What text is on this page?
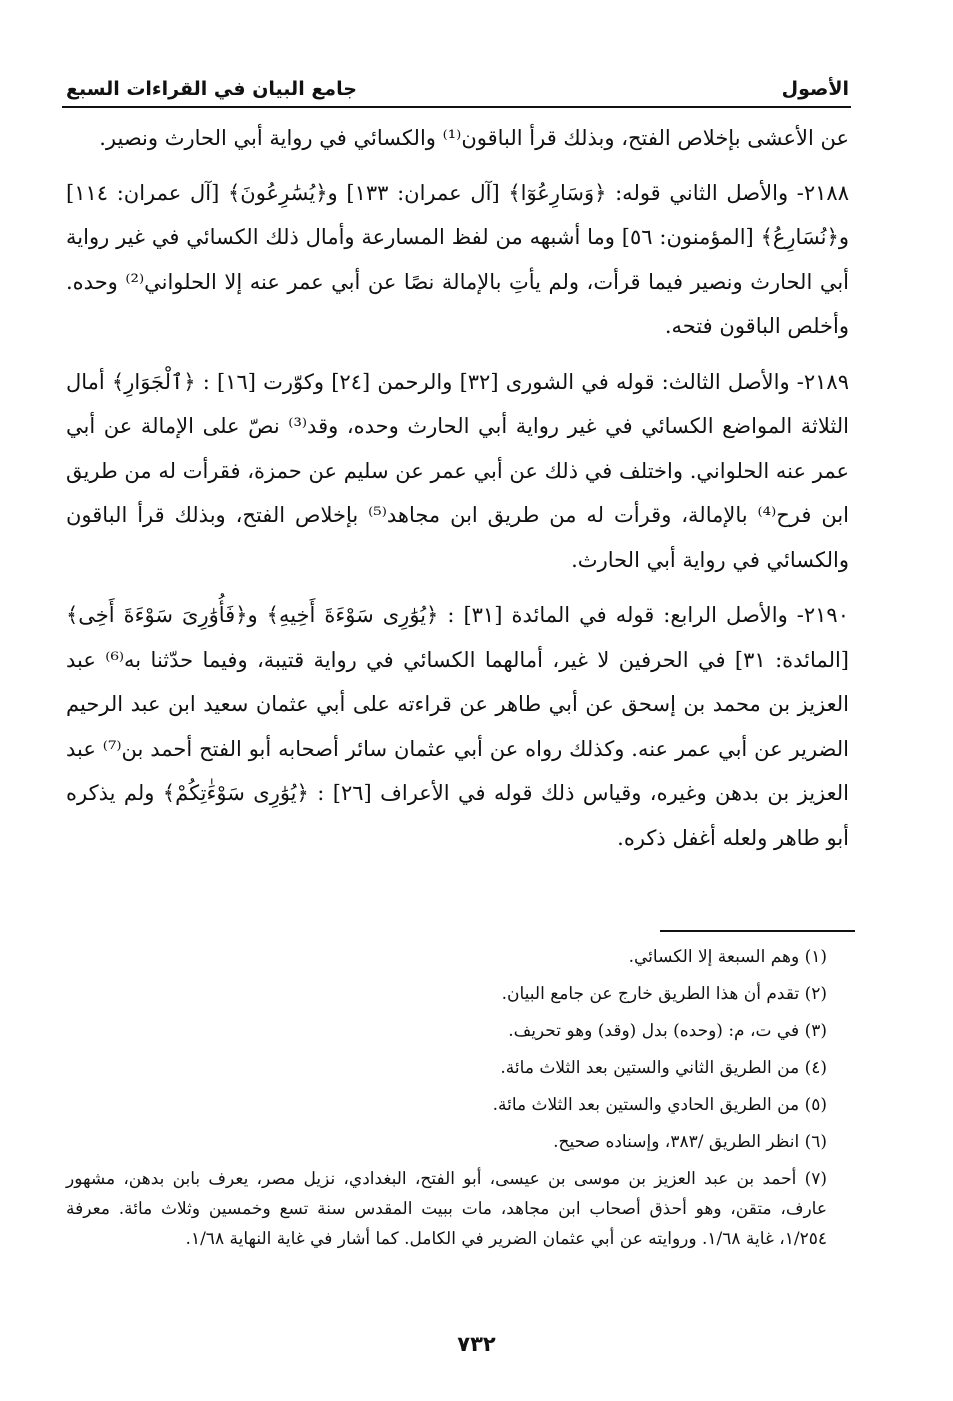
الأصول
جامع البيان في القراءات السبع

عن الأعشى بإخلاص الفتح، وبذلك قرأ الباقون⁽¹⁾ والكسائي في رواية أبي الحارث ونصير.

٢١٨٨- والأصل الثاني قوله: ﴿وَسَارِعُوٓا﴾ [آل عمران: ١٣٣] و﴿يُسَٰرِعُونَ﴾ [آل عمران: ١١٤] و﴿نُسَارِعُ﴾ [المؤمنون: ٥٦] وما أشبهه من لفظ المسارعة وأمال ذلك الكسائي في غير رواية أبي الحارث ونصير فيما قرأت، ولم يأتِ بالإمالة نصًا عن أبي عمر عنه إلا الحلواني⁽²⁾ وحده. وأخلص الباقون فتحه.

٢١٨٩- والأصل الثالث: قوله في الشورى [٣٢] والرحمن [٢٤] وكوّرت [١٦] : ﴿ٱلْجَوَارِ﴾ أمال الثلاثة المواضع الكسائي في غير رواية أبي الحارث وحده، وقد⁽³⁾ نصّ على الإمالة عن أبي عمر عنه الحلواني. واختلف في ذلك عن أبي عمر عن سليم عن حمزة، فقرأت له من طريق ابن فرح⁽⁴⁾ بالإمالة، وقرأت له من طريق ابن مجاهد⁽⁵⁾ بإخلاص الفتح، وبذلك قرأ الباقون والكسائي في رواية أبي الحارث.

٢١٩٠- والأصل الرابع: قوله في المائدة [٣١] : ﴿يُوَٰرِى سَوْءَةَ أَخِيهِ﴾ و﴿فَأُوَٰرِىَ سَوْءَةَ أَخِى﴾ [المائدة: ٣١] في الحرفين لا غير، أمالهما الكسائي في رواية قتيبة، وفيما حدّثنا به⁽⁶⁾ عبد العزيز بن محمد بن إسحق عن أبي طاهر عن قراءته على أبي عثمان سعيد ابن عبد الرحيم الضرير عن أبي عمر عنه. وكذلك رواه عن أبي عثمان سائر أصحابه أبو الفتح أحمد بن⁽⁷⁾ عبد العزيز بن بدهن وغيره، وقياس ذلك قوله في الأعراف [٢٦] : ﴿يُوَٰرِى سَوْءَٰتِكُمْ﴾ ولم يذكره أبو طاهر ولعله أغفل ذكره.

(١) وهم السبعة إلا الكسائي.

(٢) تقدم أن هذا الطريق خارج عن جامع البيان.

(٣) في ت، م: (وحده) بدل (وقد) وهو تحريف.

(٤) من الطريق الثاني والستين بعد الثلاث مائة.

(٥) من الطريق الحادي والستين بعد الثلاث مائة.

(٦) انظر الطريق /٣٨٣، وإسناده صحيح.

(٧) أحمد بن عبد العزيز بن موسى بن عيسى، أبو الفتح، البغدادي، نزيل مصر، يعرف بابن بدهن، مشهور عارف، متقن، وهو أحذق أصحاب ابن مجاهد، مات ببيت المقدس سنة تسع وخمسين وثلاث مائة. معرفة ١/٢٥٤، غاية ١/٦٨. وروايته عن أبي عثمان الضرير في الكامل. كما أشار في غاية النهاية ١/٦٨.

٧٣٢
